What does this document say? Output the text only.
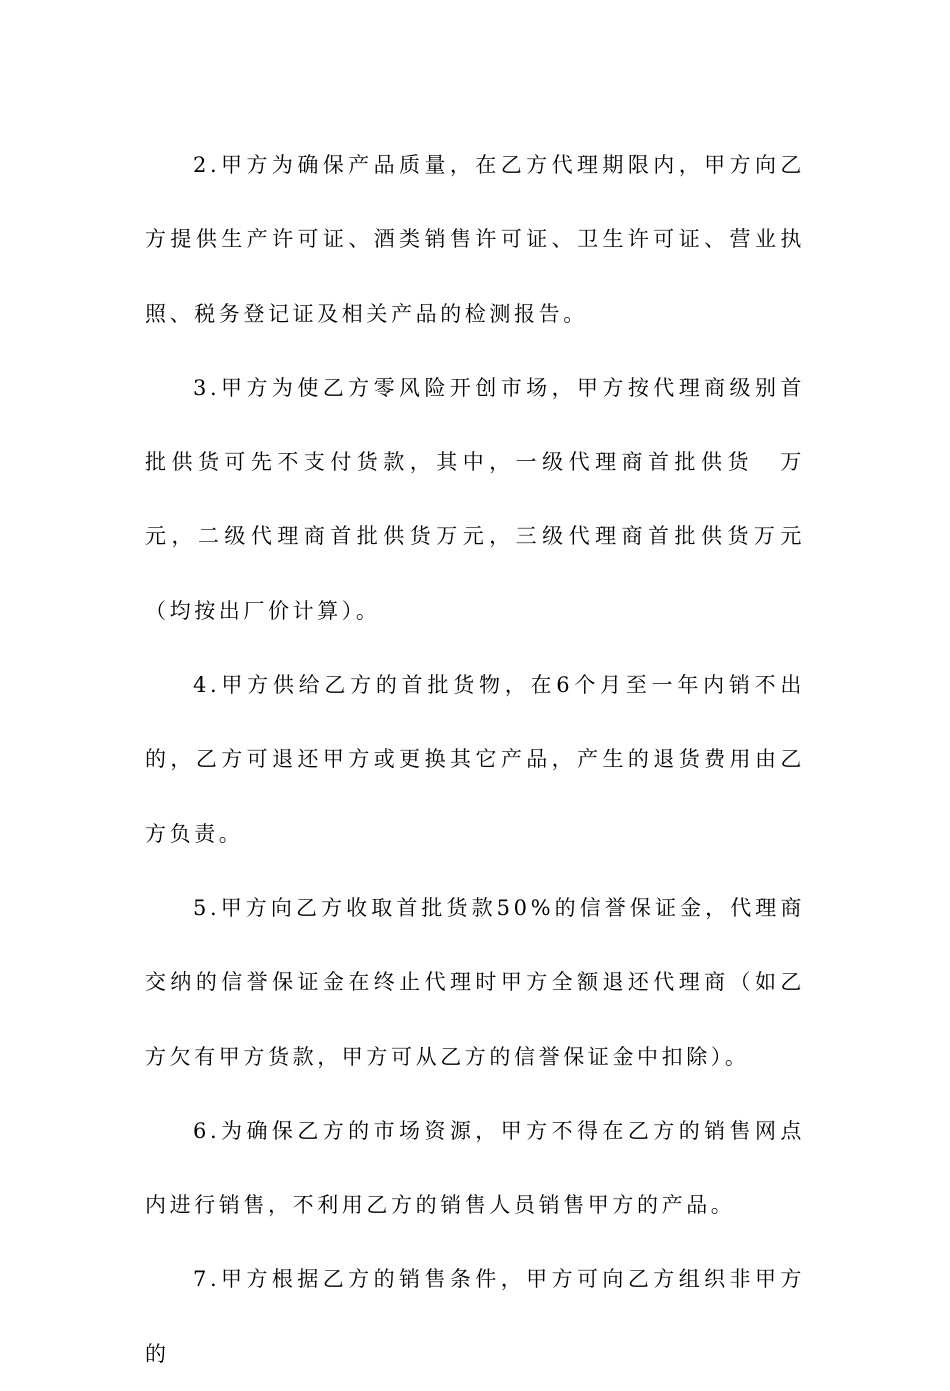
2.甲方为确保产品质量，在乙方代理期限内，甲方向乙方提供生产许可证、酒类销售许可证、卫生许可证、营业执照、税务登记证及相关产品的检测报告。

3.甲方为使乙方零风险开创市场，甲方按代理商级别首批供货可先不支付货款，其中，一级代理商首批供货　万元，二级代理商首批供货万元，三级代理商首批供货万元（均按出厂价计算）。

4.甲方供给乙方的首批货物，在6个月至一年内销不出的，乙方可退还甲方或更换其它产品，产生的退货费用由乙方负责。

5.甲方向乙方收取首批货款50%的信誉保证金，代理商交纳的信誉保证金在终止代理时甲方全额退还代理商（如乙方欠有甲方货款，甲方可从乙方的信誉保证金中扣除）。

6.为确保乙方的市场资源，甲方不得在乙方的销售网点内进行销售，不利用乙方的销售人员销售甲方的产品。

7.甲方根据乙方的销售条件，甲方可向乙方组织非甲方的
